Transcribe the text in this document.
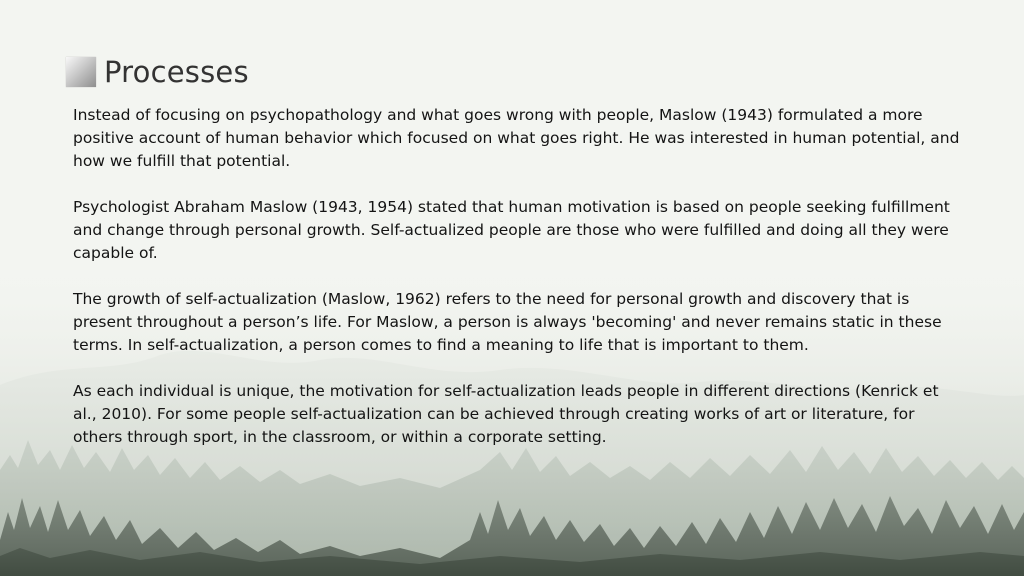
Processes

Instead of focusing on psychopathology and what goes wrong with people, Maslow (1943) formulated a more positive account of human behavior which focused on what goes right. He was interested in human potential, and how we fulfill that potential.

Psychologist Abraham Maslow (1943, 1954) stated that human motivation is based on people seeking fulfillment and change through personal growth. Self-actualized people are those who were fulfilled and doing all they were capable of.

The growth of self-actualization (Maslow, 1962) refers to the need for personal growth and discovery that is present throughout a person’s life. For Maslow, a person is always 'becoming' and never remains static in these terms. In self-actualization, a person comes to find a meaning to life that is important to them.

As each individual is unique, the motivation for self-actualization leads people in different directions (Kenrick et al., 2010). For some people self-actualization can be achieved through creating works of art or literature, for others through sport, in the classroom, or within a corporate setting.
